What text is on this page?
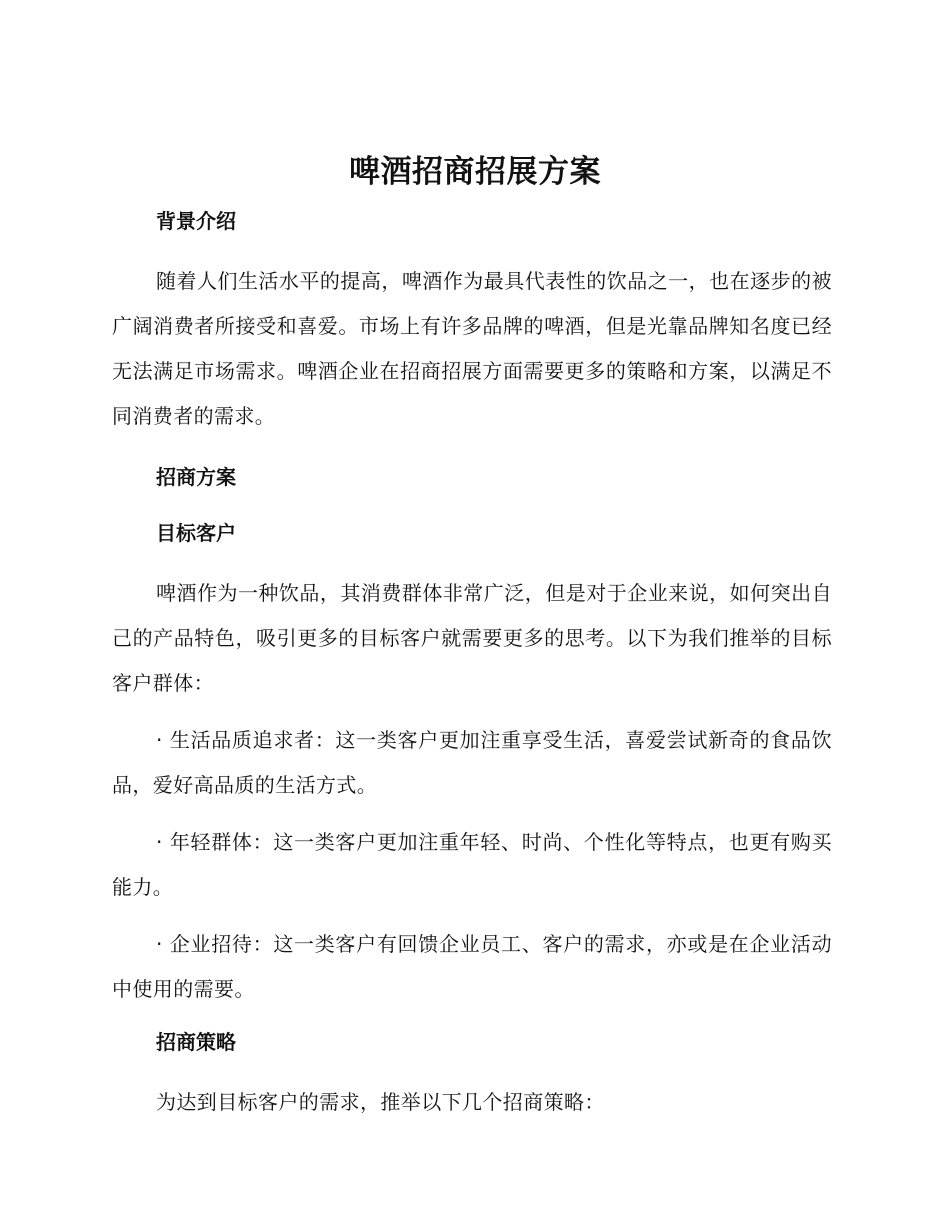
啤酒招商招展方案
背景介绍

随着人们生活水平的提高，啤酒作为最具代表性的饮品之一，也在逐步的被广阔消费者所接受和喜爱。市场上有许多品牌的啤酒，但是光靠品牌知名度已经无法满足市场需求。啤酒企业在招商招展方面需要更多的策略和方案，以满足不同消费者的需求。

招商方案
目标客户

啤酒作为一种饮品，其消费群体非常广泛，但是对于企业来说，如何突出自己的产品特色，吸引更多的目标客户就需要更多的思考。以下为我们推举的目标客户群体：

· 生活品质追求者：这一类客户更加注重享受生活，喜爱尝试新奇的食品饮品，爱好高品质的生活方式。

· 年轻群体：这一类客户更加注重年轻、时尚、个性化等特点，也更有购买能力。

· 企业招待：这一类客户有回馈企业员工、客户的需求，亦或是在企业活动中使用的需要。

招商策略

为达到目标客户的需求，推举以下几个招商策略：
